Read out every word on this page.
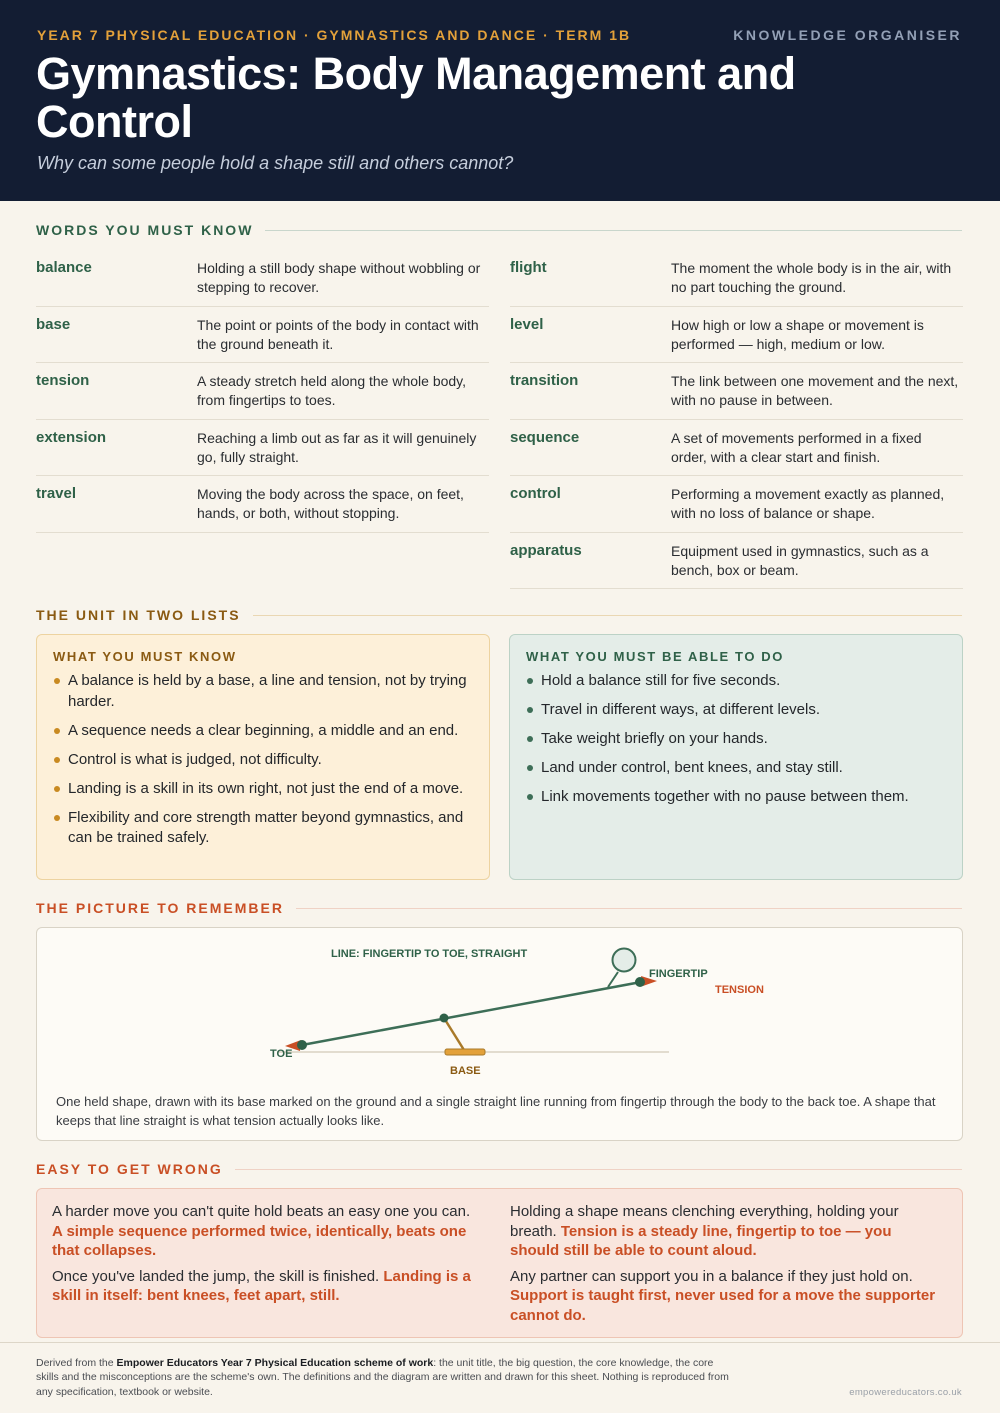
YEAR 7 PHYSICAL EDUCATION · GYMNASTICS AND DANCE · TERM 1B	KNOWLEDGE ORGANISER
Gymnastics: Body Management and Control
Why can some people hold a shape still and others cannot?
WORDS YOU MUST KNOW
balance	Holding a still body shape without wobbling or stepping to recover.
base	The point or points of the body in contact with the ground beneath it.
tension	A steady stretch held along the whole body, from fingertips to toes.
extension	Reaching a limb out as far as it will genuinely go, fully straight.
travel	Moving the body across the space, on feet, hands, or both, without stopping.
flight	The moment the whole body is in the air, with no part touching the ground.
level	How high or low a shape or movement is performed — high, medium or low.
transition	The link between one movement and the next, with no pause in between.
sequence	A set of movements performed in a fixed order, with a clear start and finish.
control	Performing a movement exactly as planned, with no loss of balance or shape.
apparatus	Equipment used in gymnastics, such as a bench, box or beam.
THE UNIT IN TWO LISTS
WHAT YOU MUST KNOW
A balance is held by a base, a line and tension, not by trying harder.
A sequence needs a clear beginning, a middle and an end.
Control is what is judged, not difficulty.
Landing is a skill in its own right, not just the end of a move.
Flexibility and core strength matter beyond gymnastics, and can be trained safely.
WHAT YOU MUST BE ABLE TO DO
Hold a balance still for five seconds.
Travel in different ways, at different levels.
Take weight briefly on your hands.
Land under control, bent knees, and stay still.
Link movements together with no pause between them.
THE PICTURE TO REMEMBER
LINE: FINGERTIP TO TOE, STRAIGHT
FINGERTIP
TENSION
TOE
BASE
One held shape, drawn with its base marked on the ground and a single straight line running from fingertip through the body to the back toe. A shape that keeps that line straight is what tension actually looks like.
EASY TO GET WRONG

A harder move you can't quite hold beats an easy one you can. A simple sequence performed twice, identically, beats one that collapses.

Once you've landed the jump, the skill is finished. Landing is a skill in itself: bent knees, feet apart, still.

Holding a shape means clenching everything, holding your breath. Tension is a steady line, fingertip to toe — you should still be able to count aloud.

Any partner can support you in a balance if they just hold on. Support is taught first, never used for a move the supporter cannot do.

Derived from the Empower Educators Year 7 Physical Education scheme of work: the unit title, the big question, the core knowledge, the core skills and the misconceptions are the scheme's own. The definitions and the diagram are written and drawn for this sheet. Nothing is reproduced from any specification, textbook or website.	empowereducators.co.uk
